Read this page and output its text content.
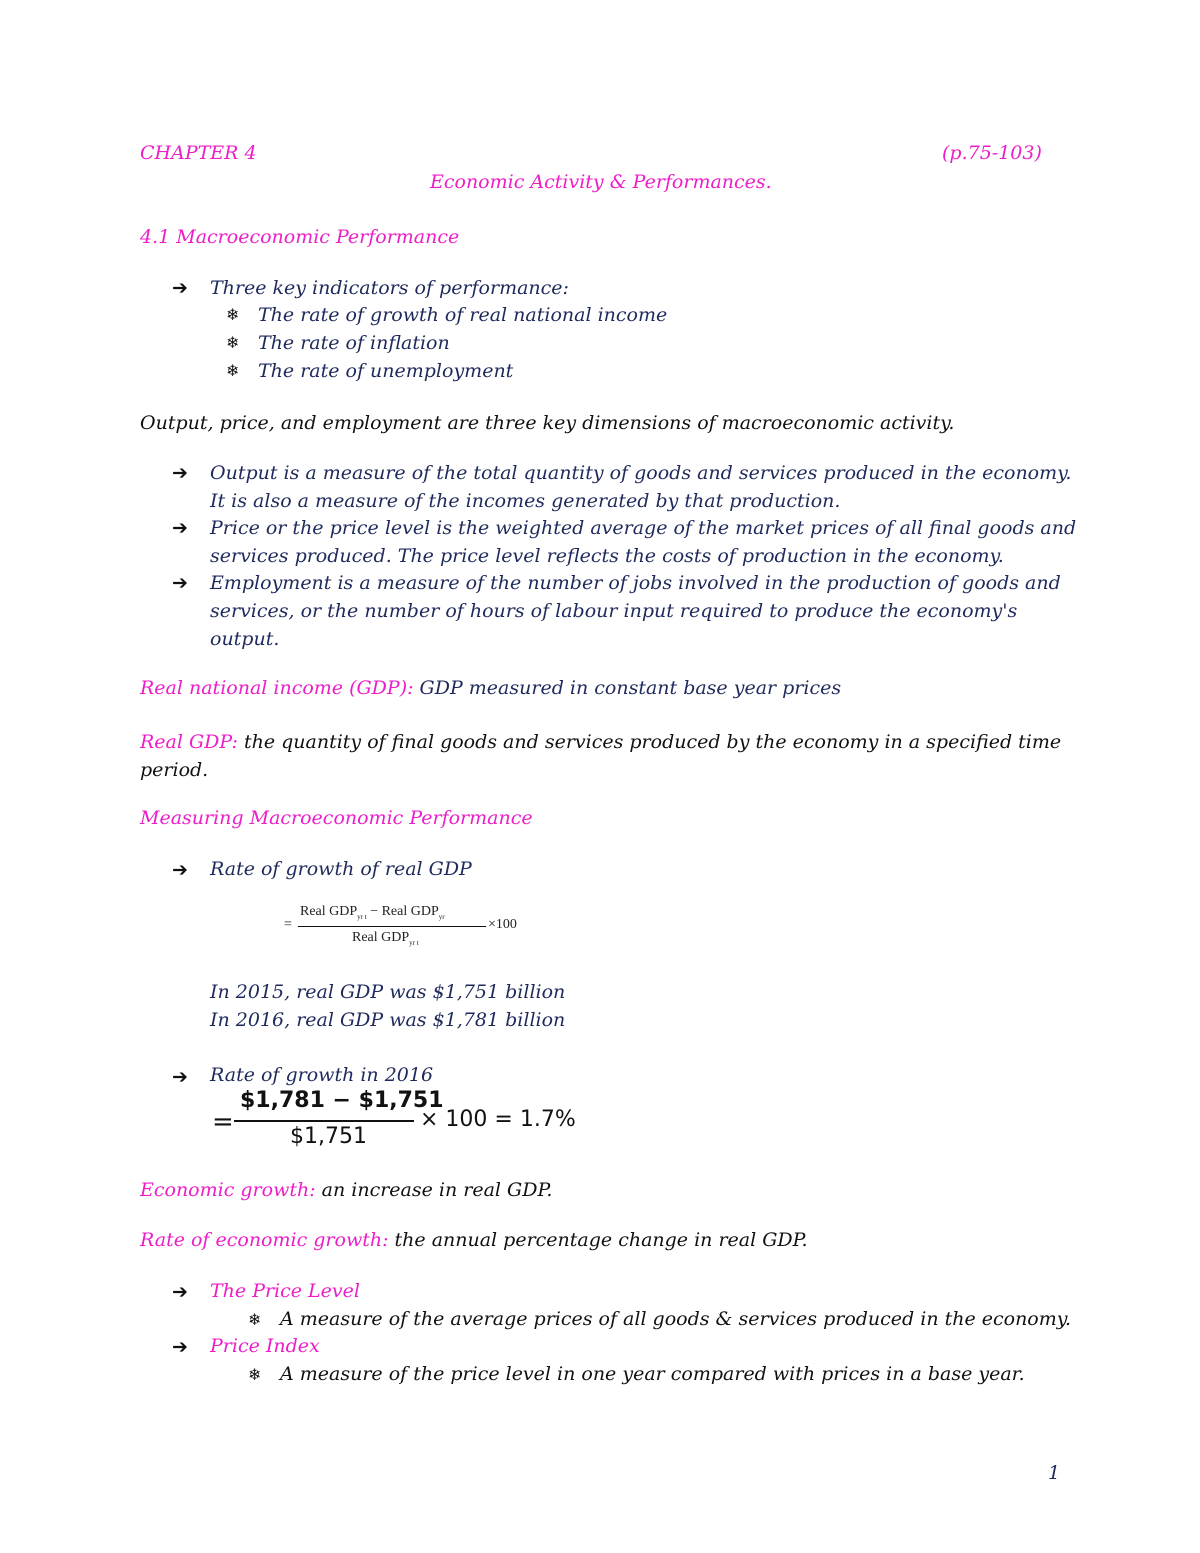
CHAPTER 4	(p.75-103)
Economic Activity & Performances.
4.1 Macroeconomic Performance
➔ Three key indicators of performance:
❄ The rate of growth of real national income
❄ The rate of inflation
❄ The rate of unemployment
Output, price, and employment are three key dimensions of macroeconomic activity.
➔ Output is a measure of the total quantity of goods and services produced in the economy. It is also a measure of the incomes generated by that production.
➔ Price or the price level is the weighted average of the market prices of all final goods and services produced. The price level reflects the costs of production in the economy.
➔ Employment is a measure of the number of jobs involved in the production of goods and services, or the number of hours of labour input required to produce the economy's output.
Real national income (GDP): GDP measured in constant base year prices
Real GDP: the quantity of final goods and services produced by the economy in a specified time period.
Measuring Macroeconomic Performance
➔ Rate of growth of real GDP
=
Real $GDP_{yr t}$ − Real $GDP_{yr}$
×100
Real $GDP_{yr t}$
In 2015, real GDP was $1,751 billion
In 2016, real GDP was $1,781 billion
➔ Rate of growth in 2016
=
$1,781 − $1,751
$1,751
× 100 = 1.7%
Economic growth: an increase in real GDP.
Rate of economic growth: the annual percentage change in real GDP.
➔ The Price Level
❄ A measure of the average prices of all goods & services produced in the economy.
➔ Price Index
❄ A measure of the price level in one year compared with prices in a base year.
1
